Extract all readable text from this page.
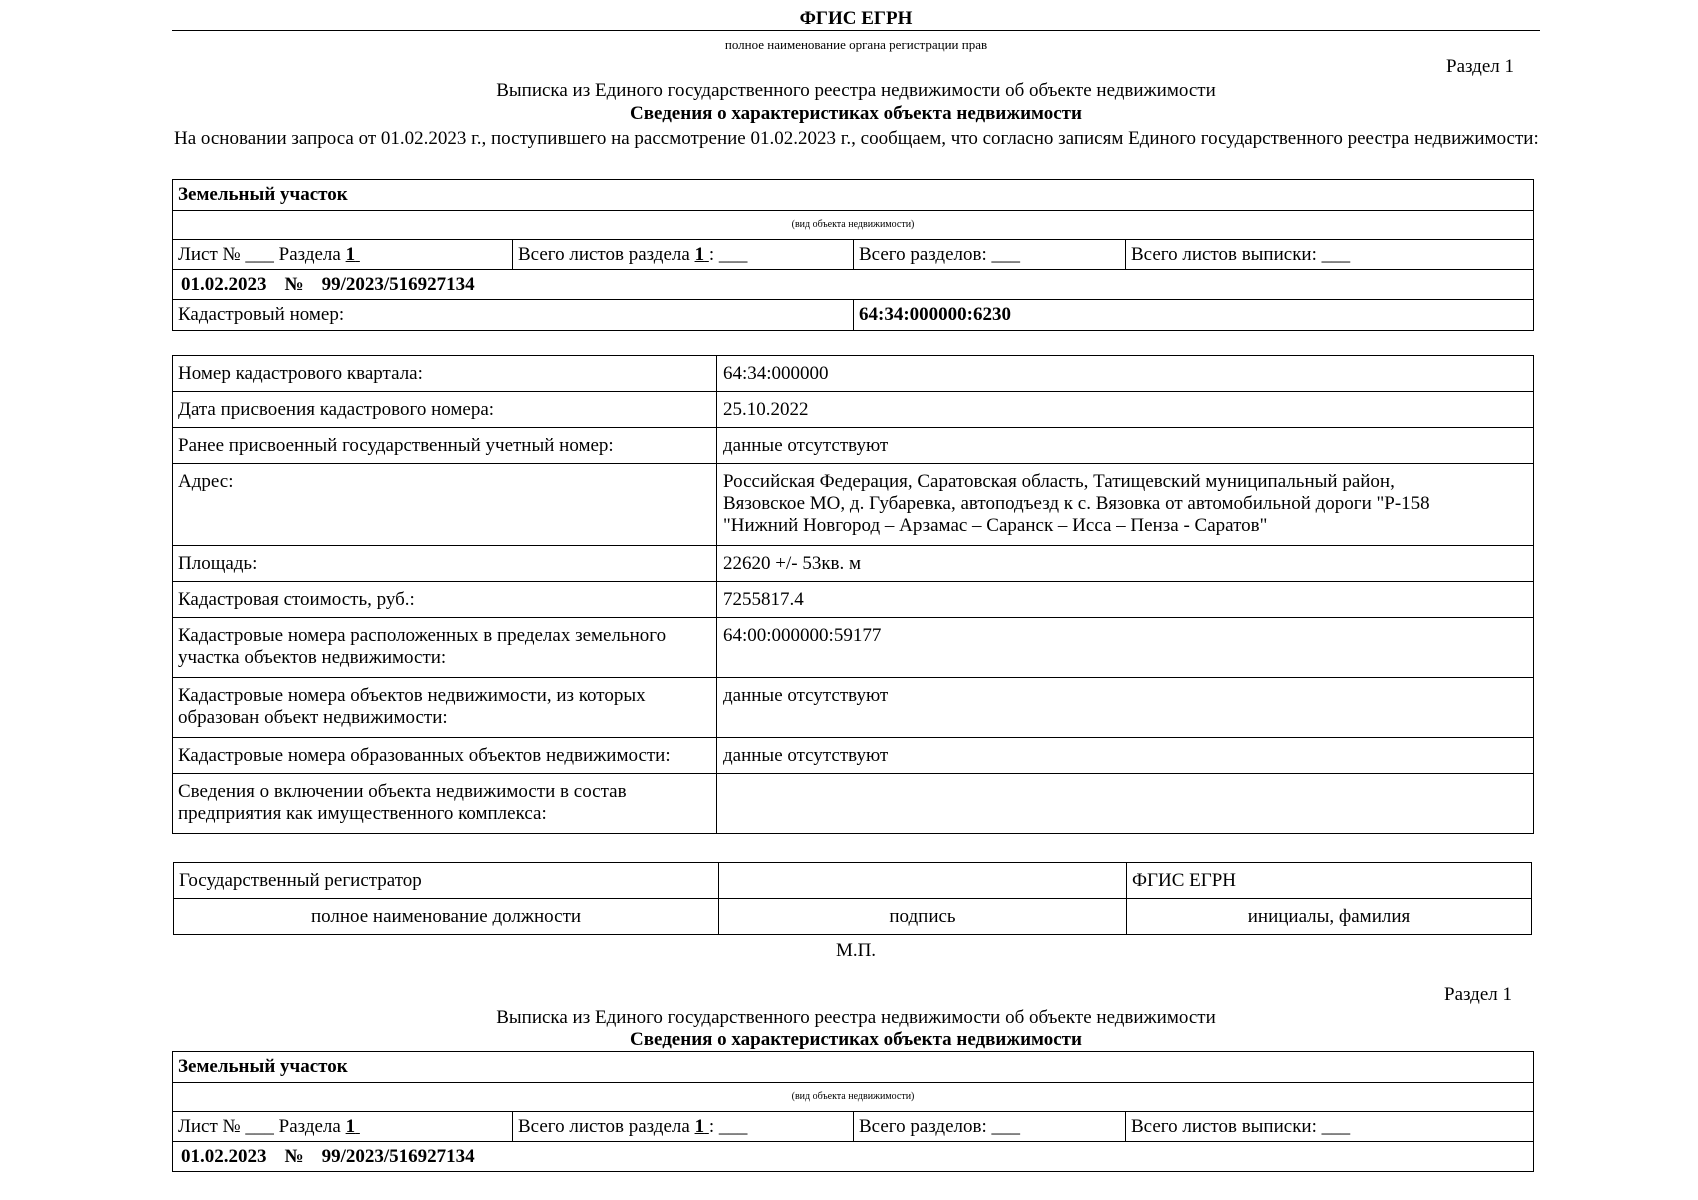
ФГИС ЕГРН
полное наименование органа регистрации прав
Раздел 1
Выписка из Единого государственного реестра недвижимости об объекте недвижимости
Сведения о характеристиках объекта недвижимости
На основании запроса от 01.02.2023 г., поступившего на рассмотрение 01.02.2023 г., сообщаем, что согласно записям Единого государственного реестра недвижимости:
Земельный участок			
(вид объекта недвижимости)			
Лист № ___ Раздела 1	Всего листов раздела 1 : ___	Всего разделов: ___	Всего листов выписки: ___
01.02.2023 № 99/2023/516927134			
Кадастровый номер:		64:34:000000:6230	
Номер кадастрового квартала:	64:34:000000
Дата присвоения кадастрового номера:	25.10.2022
Ранее присвоенный государственный учетный номер:	данные отсутствуют
Адрес:	Российская Федерация, Саратовская область, Татищевский муниципальный район,
Вязовское МО, д. Губаревка, автоподъезд к с. Вязовка от автомобильной дороги "Р-158
"Нижний Новгород – Арзамас – Саранск – Исса – Пенза - Саратов"

Площадь:	22620 +/- 53кв. м
Кадастровая стоимость, руб.:	7255817.4

Кадастровые номера расположенных в пределах земельного
участка объектов недвижимости:	64:00:000000:59177

Кадастровые номера объектов недвижимости, из которых
образован объект недвижимости:	данные отсутствуют
Кадастровые номера образованных объектов недвижимости:	данные отсутствуют

Сведения о включении объекта недвижимости в состав
предприятия как имущественного комплекса:	

Государственный регистратор		ФГИС ЕГРН
полное наименование должности	подпись	инициалы, фамилия
М.П.
Раздел 1
Выписка из Единого государственного реестра недвижимости об объекте недвижимости
Сведения о характеристиках объекта недвижимости
Земельный участок
(вид объекта недвижимости)
Лист № ___ Раздела 1	Всего листов раздела 1 : ___	Всего разделов: ___	Всего листов выписки: ___
01.02.2023 № 99/2023/516927134
